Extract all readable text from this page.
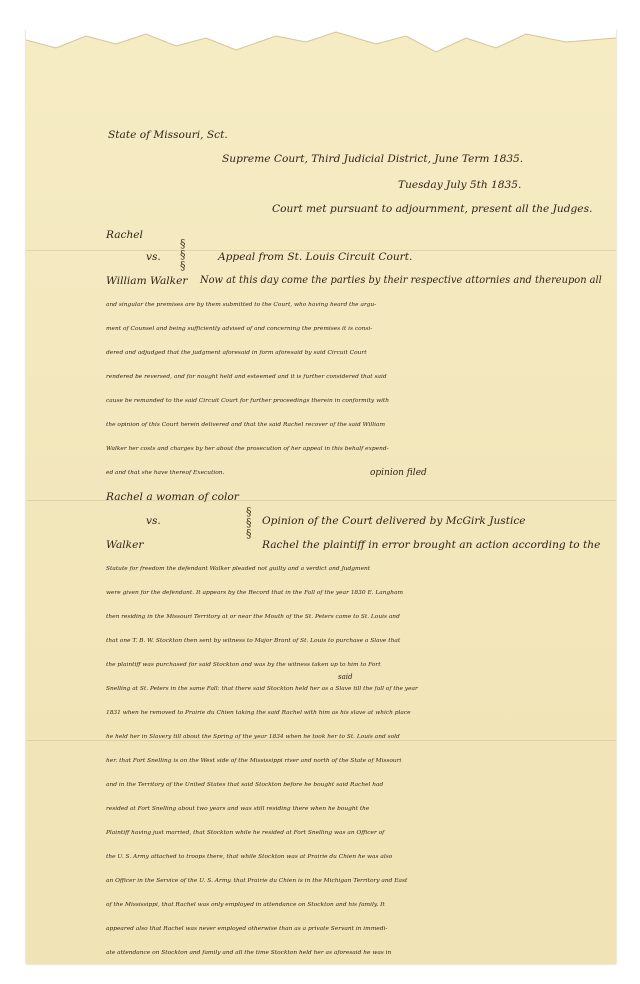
State of Missouri, Sct.
Supreme Court, Third Judicial District, June Term 1835.
Tuesday July 5th 1835.
Court met pursuant to adjournment, present all the Judges.
Rachel
vs.	Appeal from St. Louis Circuit Court.
§
§
§
William Walker Now at this day come the parties by their respective attornies and thereupon all
and singular the premises are by them submitted to the Court, who having heard the argu-
ment of Counsel and being sufficiently advised of and concerning the premises it is consi-
dered and adjudged that the judgment aforesaid in form aforesaid by said Circuit Court
rendered be reversed, and for nought held and esteemed and it is further considered that said
cause be remanded to the said Circuit Court for further proceedings therein in conformity with
the opinion of this Court herein delivered and that the said Rachel recover of the said William
Walker her costs and charges by her about the prosecution of her appeal in this behalf expend-
ed and that she have thereof Execution.	opinion filed
Rachel a woman of color
vs.
§
§
§
Opinion of the Court delivered by McGirk Justice
Walker	Rachel the plaintiff in error brought an action according to the
Statute for freedom the defendant Walker pleaded not guilty and a verdict and Judgment
were given for the defendant. It appears by the Record that in the Fall of the year 1830 E. Langham
then residing in the Missouri Territory at or near the Mouth of the St. Peters came to St. Louis and
that one T. B. W. Stockton then sent by witness to Major Brant of St. Louis to purchase a Slave that
the plaintiff was purchased for said Stockton and was by the witness taken up to him to Fort
Snelling at St. Peters in the same Fall: that there said Stockton held her as a Slave till the fall of the year
1831 when he removed to Prairie du Chien taking the said Rachel with him as his slave at which place
he held her in Slavery till about the Spring of the year 1834 when he took her to St. Louis and sold
her. that Fort Snelling is on the West side of the Mississippi river and north of the State of Missouri
and in the Territory of the United States that said Stockton before he bought said Rachel had
resided at Fort Snelling about two years and was still residing there when he bought the
Plaintiff having just married, that Stockton while he resided at Fort Snelling was an Officer of
the U. S. Army attached to troops there, that while Stockton was at Prairie du Chien he was also
an Officer in the Service of the U. S. Army. that Prairie du Chien is in the Michigan Territory and East
of the Mississippi, that Rachel was only employed in attendance on Stockton and his family. It
appeared also that Rachel was never employed otherwise than as a private Servant in immedi-
ate attendance on Stockton and family and all the time Stockton held her as aforesaid he was in
said
